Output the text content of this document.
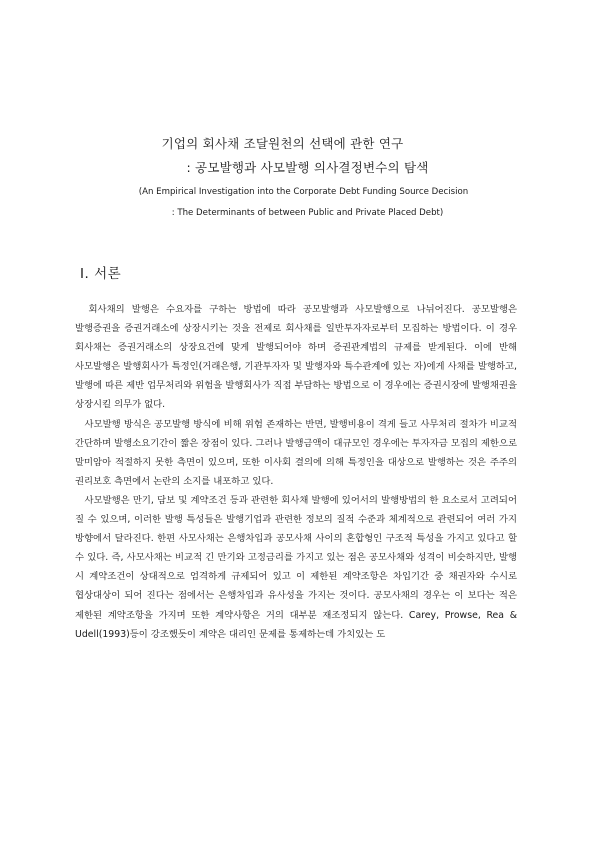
기업의 회사채 조달원천의 선택에 관한 연구
: 공모발행과 사모발행 의사결정변수의 탐색
(An Empirical Investigation into the Corporate Debt Funding Source Decision
: The Determinants of between Public and Private Placed Debt)
Ⅰ. 서론

　회사채의 발행은 수요자를 구하는 방법에 따라 공모발행과 사모발행으로 나뉘어진다. 공모발행은 발행증권을 증권거래소에 상장시키는 것을 전제로 회사채를 일반투자자로부터 모집하는 방법이다. 이 경우 회사채는 증권거래소의 상장요건에 맞게 발행되어야 하며 증권관계법의 규제를 받게된다. 이에 반해 사모발행은 발행회사가 특정인(거래은행, 기관투자자 및 발행자와 특수관계에 있는 자)에게 사채를 발행하고, 발행에 따른 제반 업무처리와 위험을 발행회사가 직접 부담하는 방법으로 이 경우에는 증권시장에 발행채권을 상장시킬 의무가 없다.

　사모발행 방식은 공모발행 방식에 비해 위험 존재하는 반면, 발행비용이 격게 들고 사무처리 절차가 비교적 간단하며 발행소요기간이 짧은 장점이 있다. 그러나 발행금액이 대규모인 경우에는 투자자금 모집의 제한으로 말미암아 적절하지 못한 측면이 있으며, 또한 이사회 결의에 의해 특정인을 대상으로 발행하는 것은 주주의 권리보호 측면에서 논란의 소지를 내포하고 있다.

　사모발행은 만기, 담보 및 계약조건 등과 관련한 회사채 발행에 있어서의 발행방법의 한 요소로서 고려되어 질 수 있으며, 이러한 발행 특성들은 발행기업과 관련한 정보의 질적 수준과 체계적으로 관련되어 여러 가지 방향에서 달라진다. 한편 사모사채는 은행차입과 공모사채 사이의 혼합형인 구조적 특성을 가지고 있다고 할 수 있다. 즉, 사모사채는 비교적 긴 만기와 고정금리를 가지고 있는 점은 공모사채와 성격이 비슷하지만, 발행 시 계약조건이 상대적으로 엄격하게 규제되어 있고 이 제한된 계약조항은 차입기간 중 채권자와 수시로 협상대상이 되어 진다는 점에서는 은행차입과 유사성을 가지는 것이다. 공모사채의 경우는 이 보다는 적은 제한된 계약조항을 가지며 또한 계약사항은 거의 대부분 재조정되지 않는다. Carey, Prowse, Rea & Udell(1993)등이 강조했듯이 계약은 대리인 문제를 통제하는데 가치있는 도
